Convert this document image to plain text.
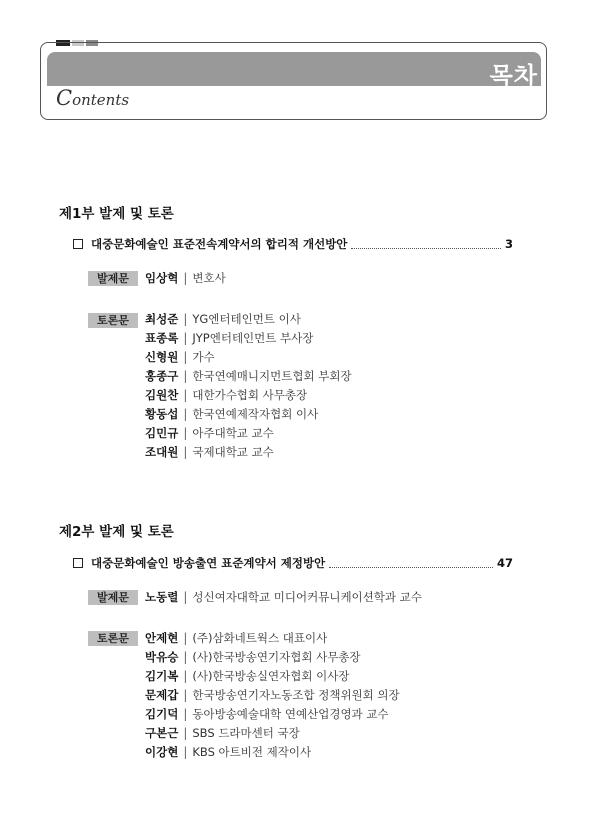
목차
Contents
제1부 발제 및 토론
대중문화예술인 표준전속계약서의 합리적 개선방안	3
발제문	임상혁 | 변호사
토론문	최성준 | YG엔터테인먼트 이사
표종록 | JYP엔터테인먼트 부사장
신형원 | 가수
홍종구 | 한국연예매니지먼트협회 부회장
김원찬 | 대한가수협회 사무총장
황동섭 | 한국연예제작자협회 이사
김민규 | 아주대학교 교수
조대원 | 국제대학교 교수
제2부 발제 및 토론
대중문화예술인 방송출연 표준계약서 제정방안	47
발제문	노동렬 | 성신여자대학교 미디어커뮤니케이션학과 교수
토론문	안제현 | (주)삼화네트웍스 대표이사
박유승 | (사)한국방송연기자협회 사무총장
김기복 | (사)한국방송실연자협회 이사장
문제갑 | 한국방송연기자노동조합 정책위원회 의장
김기덕 | 동아방송예술대학 연예산업경영과 교수
구본근 | SBS 드라마센터 국장
이강현 | KBS 아트비전 제작이사
